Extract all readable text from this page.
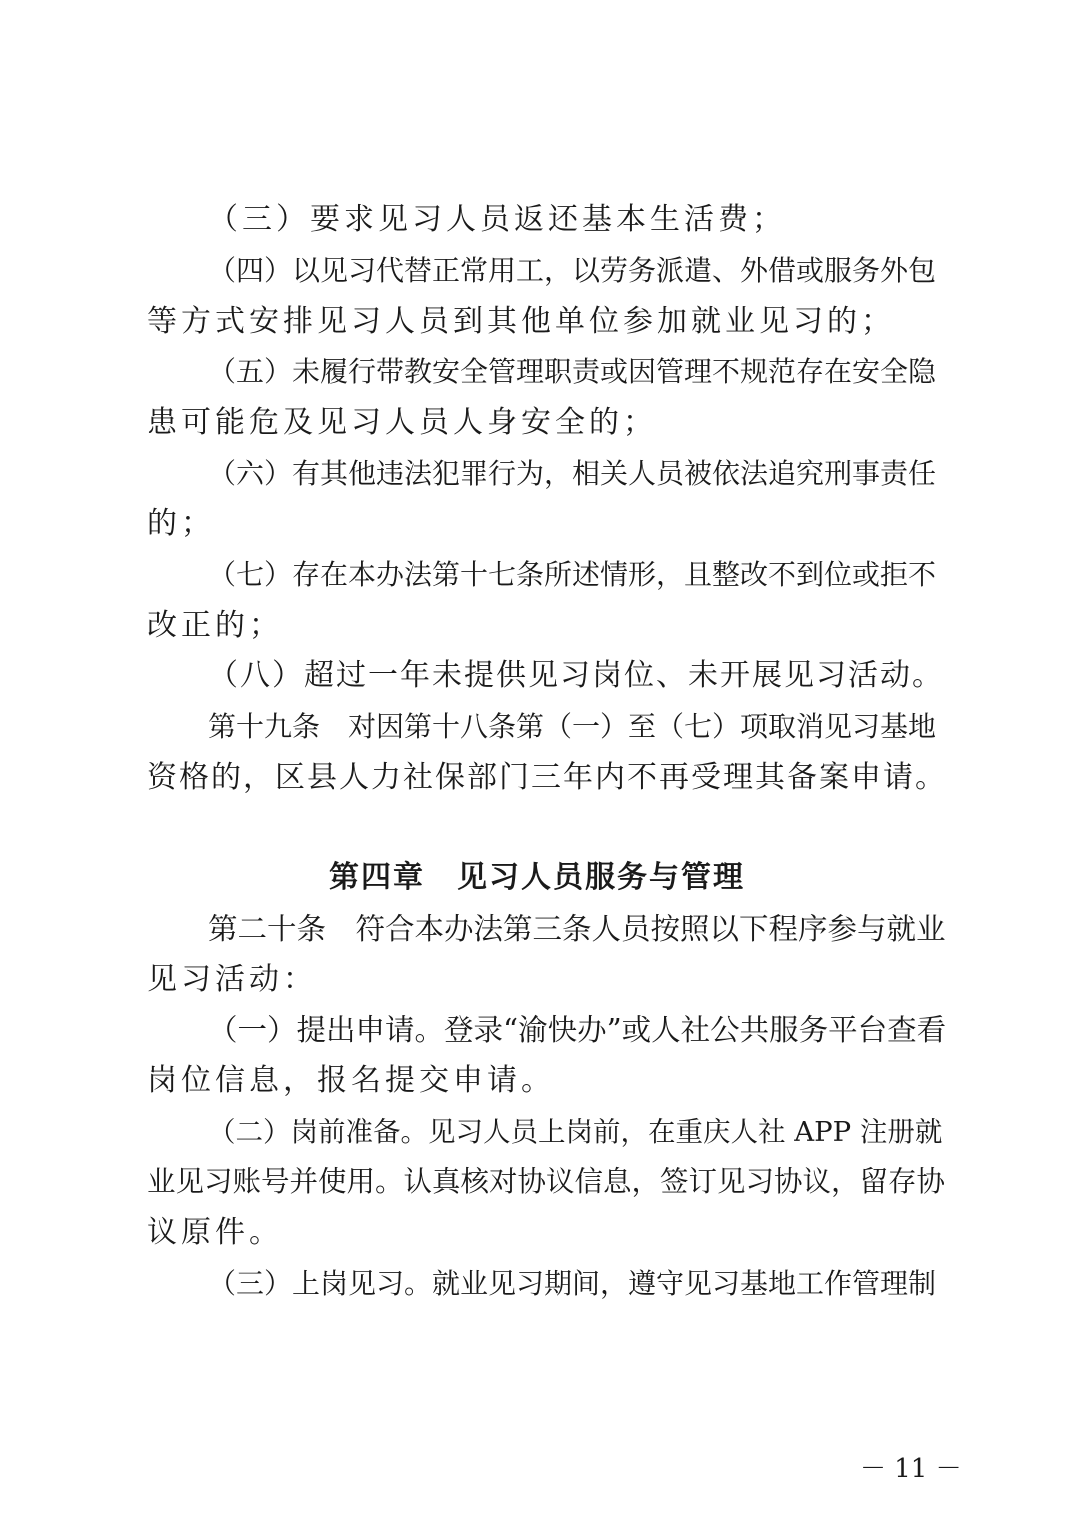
（三）要求见习人员返还基本生活费；
（四）以见习代替正常用工，以劳务派遣、外借或服务外包
等方式安排见习人员到其他单位参加就业见习的；
（五）未履行带教安全管理职责或因管理不规范存在安全隐
患可能危及见习人员人身安全的；
（六）有其他违法犯罪行为，相关人员被依法追究刑事责任
的；
（七）存在本办法第十七条所述情形，且整改不到位或拒不
改正的；
（八）超过一年未提供见习岗位、未开展见习活动。
第十九条　对因第十八条第（一）至（七）项取消见习基地
资格的，区县人力社保部门三年内不再受理其备案申请。
第四章　见习人员服务与管理
第二十条　符合本办法第三条人员按照以下程序参与就业
见习活动：
（一）提出申请。登录“渝快办”或人社公共服务平台查看
岗位信息，报名提交申请。
（二）岗前准备。见习人员上岗前，在重庆人社 APP 注册就
业见习账号并使用。认真核对协议信息，签订见习协议，留存协
议原件。
（三）上岗见习。就业见习期间，遵守见习基地工作管理制
－ 11 －
